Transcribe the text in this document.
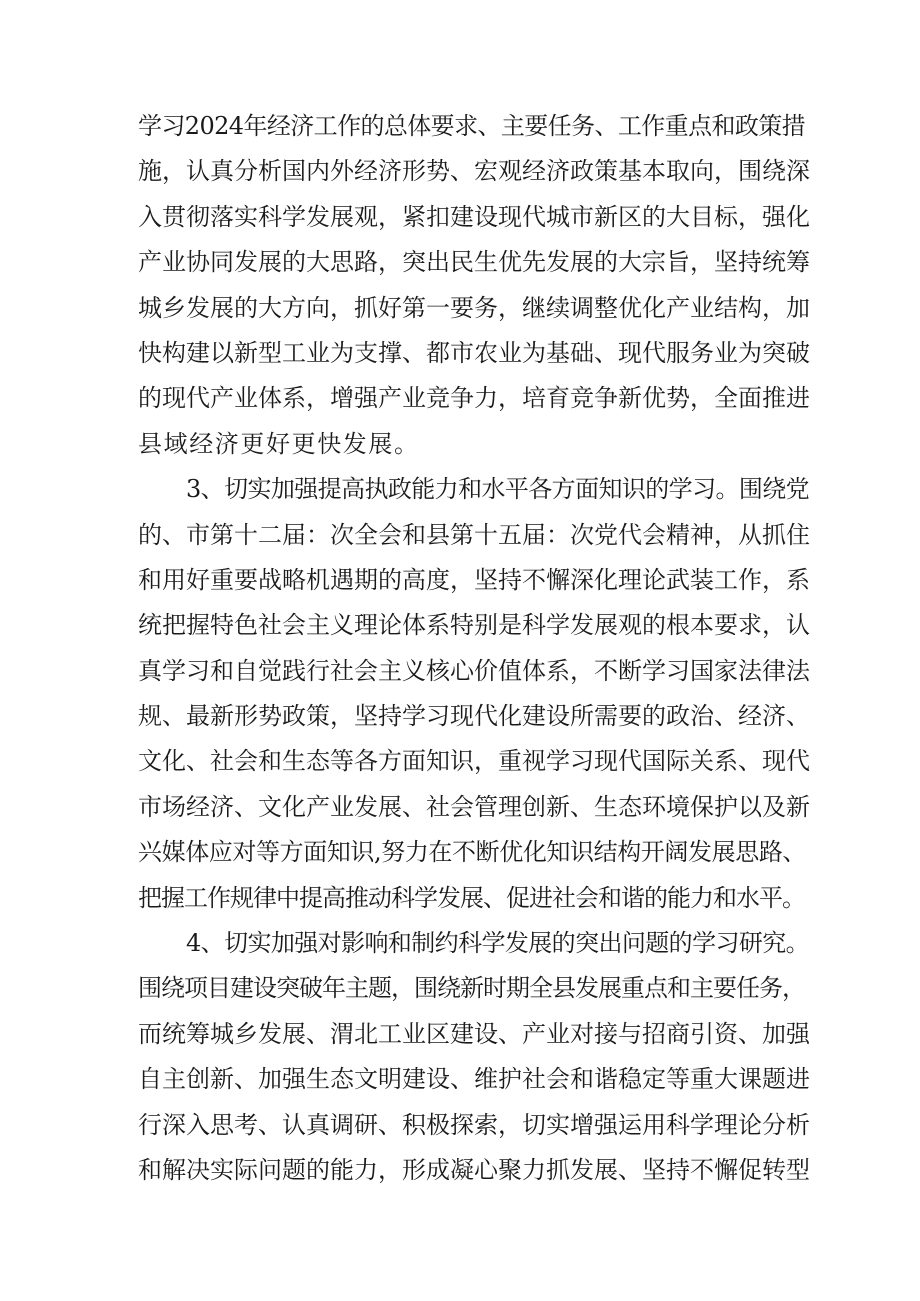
学习2024年经济工作的总体要求、主要任务、工作重点和政策措
施，认真分析国内外经济形势、宏观经济政策基本取向，围绕深
入贯彻落实科学发展观，紧扣建设现代城市新区的大目标，强化
产业协同发展的大思路，突出民生优先发展的大宗旨，坚持统筹
城乡发展的大方向，抓好第一要务，继续调整优化产业结构，加
快构建以新型工业为支撑、都市农业为基础、现代服务业为突破
的现代产业体系，增强产业竞争力，培育竞争新优势，全面推进
县域经济更好更快发展。
3、切实加强提高执政能力和水平各方面知识的学习。围绕党
的、市第十二届：次全会和县第十五届：次党代会精神，从抓住
和用好重要战略机遇期的高度，坚持不懈深化理论武装工作，系
统把握特色社会主义理论体系特别是科学发展观的根本要求，认
真学习和自觉践行社会主义核心价值体系，不断学习国家法律法
规、最新形势政策，坚持学习现代化建设所需要的政治、经济、
文化、社会和生态等各方面知识，重视学习现代国际关系、现代
市场经济、文化产业发展、社会管理创新、生态环境保护以及新
兴媒体应对等方面知识,努力在不断优化知识结构开阔发展思路、
把握工作规律中提高推动科学发展、促进社会和谐的能力和水平。
4、切实加强对影响和制约科学发展的突出问题的学习研究。
围绕项目建设突破年主题，围绕新时期全县发展重点和主要任务，
而统筹城乡发展、渭北工业区建设、产业对接与招商引资、加强
自主创新、加强生态文明建设、维护社会和谐稳定等重大课题进
行深入思考、认真调研、积极探索，切实增强运用科学理论分析
和解决实际问题的能力，形成凝心聚力抓发展、坚持不懈促转型
